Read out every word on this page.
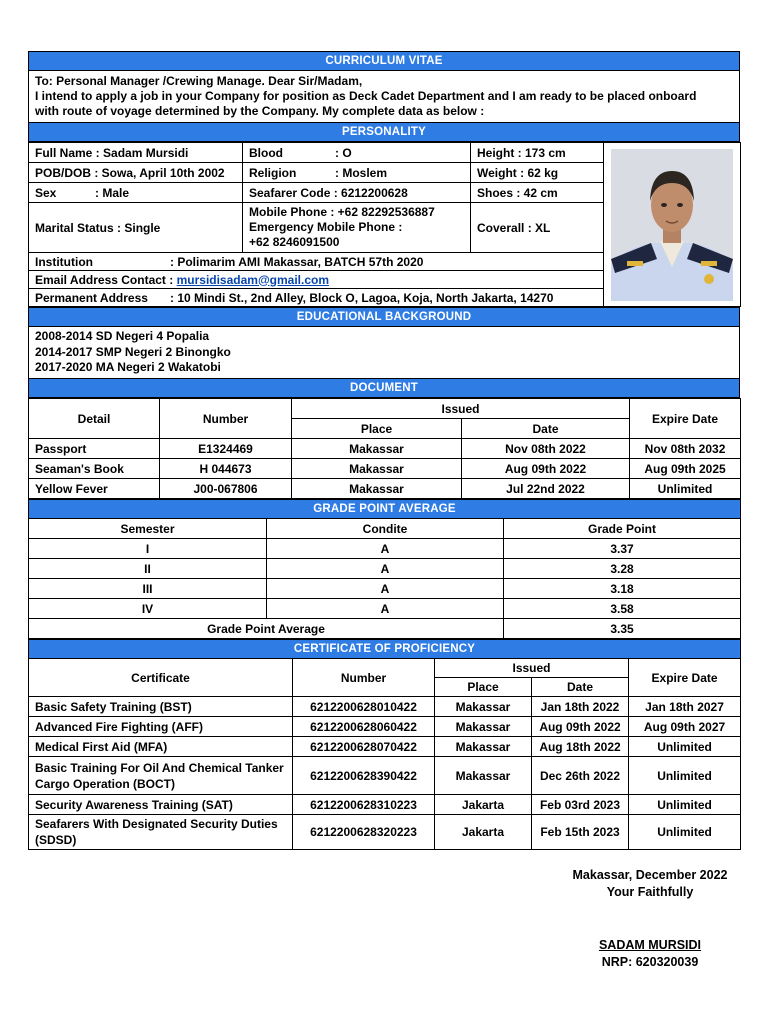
CURRICULUM VITAE

To: Personal Manager /Crewing Manage. Dear Sir/Madam,
I intend to apply a job in your Company for position as Deck Cadet Department and I am ready to be placed onboard
with route of voyage determined by the Company. My complete data as below :

PERSONALITY
Full Name : Sadam Mursidi	Blood : O	Height : 173 cm	

POB/DOB : Sowa, April 10th 2002	Religion : Moslem	Weight : 62 kg	
Sex : Male	Seafarer Code : 6212200628	Shoes : 42 cm	
Marital Status : Single	Mobile Phone : +62 82292536887
Emergency Mobile Phone :
+62 8246091500	Coverall : XL	
Institution : Polimarim AMI Makassar, BATCH 57th 2020			
Email Address Contact : mursidisadam@gmail.com			
Permanent Address : 10 Mindi St., 2nd Alley, Block O, Lagoa, Koja, North Jakarta, 14270			
EDUCATIONAL BACKGROUND

2008-2014 SD Negeri 4 Popalia
2014-2017 SMP Negeri 2 Binongko
2017-2020 MA Negeri 2 Wakatobi

DOCUMENT
Detail	Number	Issued		Expire Date
		Place	Date	
Passport	E1324469	Makassar	Nov 08th 2022	Nov 08th 2032
Seaman's Book	H 044673	Makassar	Aug 09th 2022	Aug 09th 2025
Yellow Fever	J00-067806	Makassar	Jul 22nd 2022	Unlimited
GRADE POINT AVERAGE		
Semester	Condite	Grade Point
I	A	3.37
II	A	3.28
III	A	3.18
IV	A	3.58
Grade Point Average		3.35
CERTIFICATE OF PROFICIENCY				
Certificate	Number	Issued		Expire Date
		Place	Date	
Basic Safety Training (BST)	6212200628010422	Makassar	Jan 18th 2022	Jan 18th 2027
Advanced Fire Fighting (AFF)	6212200628060422	Makassar	Aug 09th 2022	Aug 09th 2027
Medical First Aid (MFA)	6212200628070422	Makassar	Aug 18th 2022	Unlimited
Basic Training For Oil And Chemical Tanker Cargo Operation (BOCT)	6212200628390422	Makassar	Dec 26th 2022	Unlimited
Security Awareness Training (SAT)	6212200628310223	Jakarta	Feb 03rd 2023	Unlimited
Seafarers With Designated Security Duties (SDSD)	6212200628320223	Jakarta	Feb 15th 2023	Unlimited
Makassar, December 2022
Your Faithfully
SADAM MURSIDI
NRP: 620320039
